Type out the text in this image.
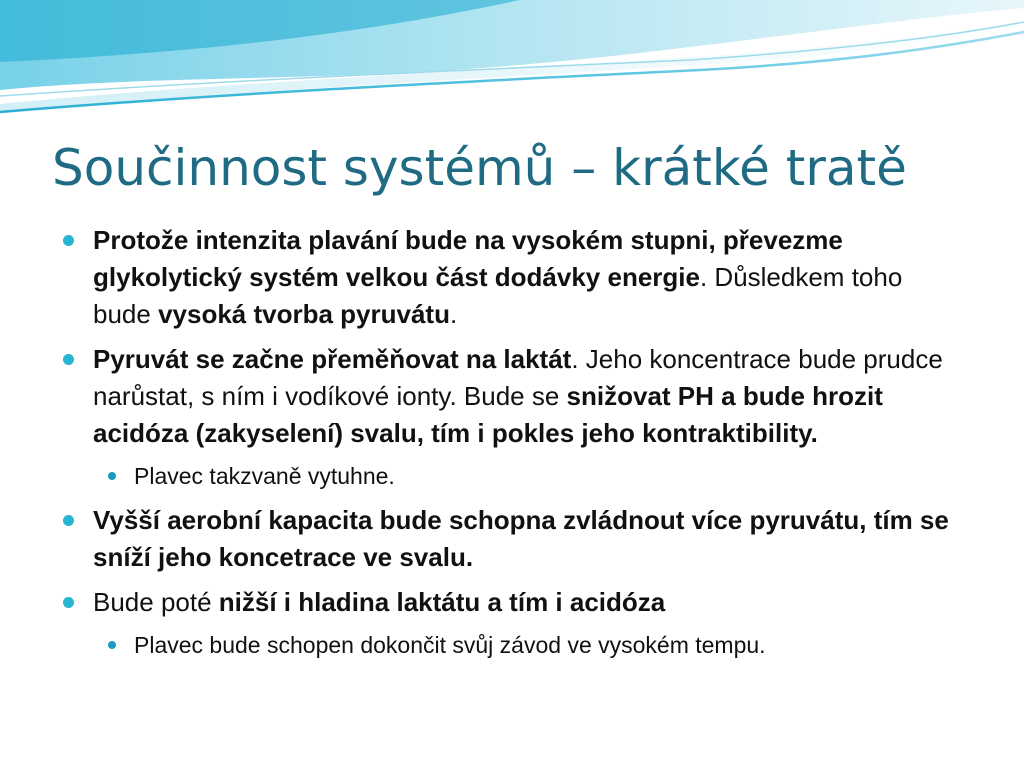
Součinnost systémů – krátké tratě
Protože intenzita plavání bude na vysokém stupni, převezme glykolytický systém velkou část dodávky energie. Důsledkem toho bude vysoká tvorba pyruvátu.
Pyruvát se začne přeměňovat na laktát. Jeho koncentrace bude prudce narůstat, s ním i vodíkové ionty. Bude se snižovat PH a bude hrozit acidóza (zakyselení) svalu, tím i pokles jeho kontraktibility.
Plavec takzvaně vytuhne.
Vyšší aerobní kapacita bude schopna zvládnout více pyruvátu, tím se sníží jeho koncetrace ve svalu.
Bude poté nižší i hladina laktátu a tím i acidóza
Plavec bude schopen dokončit svůj závod ve vysokém tempu.
